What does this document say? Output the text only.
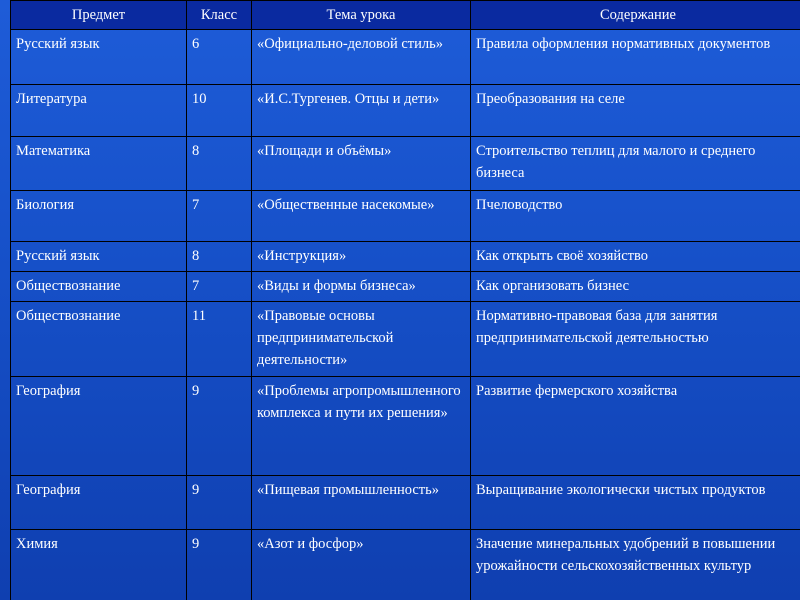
Предмет	Класс	Тема урока	Содержание
Русский язык	6	«Официально-деловой стиль»	Правила оформления нормативных документов
Литература	10	«И.С.Тургенев. Отцы и дети»	Преобразования на селе
Математика	8	«Площади и объёмы»	Строительство теплиц для малого и среднего бизнеса
Биология	7	«Общественные насекомые»	Пчеловодство
Русский язык	8	«Инструкция»	Как открыть своё хозяйство
Обществознание	7	«Виды и формы бизнеса»	Как организовать бизнес
Обществознание	11	«Правовые основы предпринимательской деятельности»	Нормативно-правовая база для занятия предпринимательской деятельностью
География	9	«Проблемы агропромышленного комплекса и пути их решения»	Развитие фермерского хозяйства
География	9	«Пищевая промышленность»	Выращивание экологически чистых продуктов
Химия	9	«Азот и фосфор»	Значение минеральных удобрений в повышении урожайности сельскохозяйственных культур
